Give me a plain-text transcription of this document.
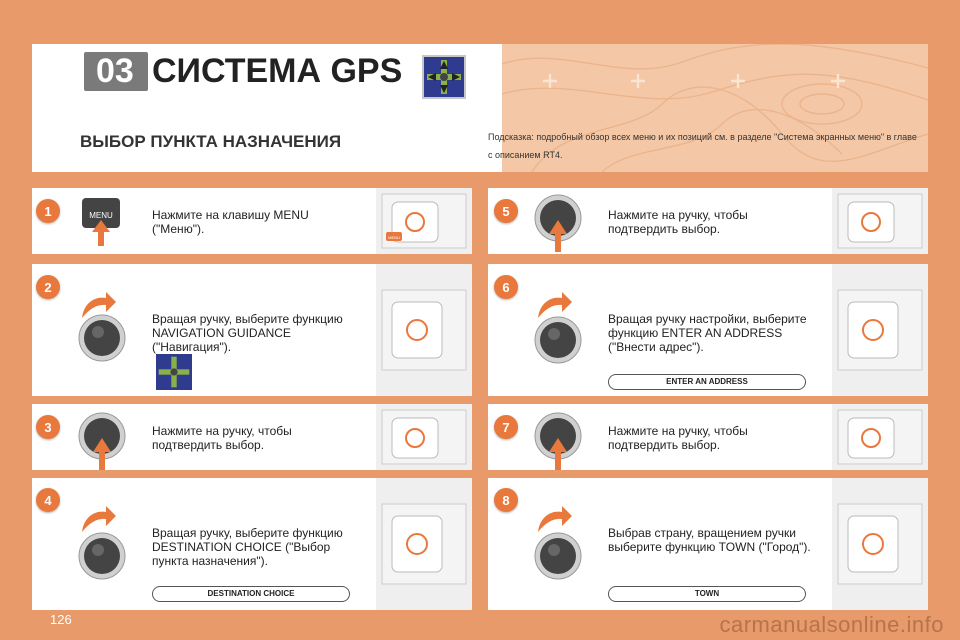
03 СИСТЕМА GPS
ВЫБОР ПУНКТА НАЗНАЧЕНИЯ	Подсказка: подробный обзор всех меню и их позиций см. в разделе "Система экранных меню" в главе с описанием RT4.
MENU	Нажмите на клавишу MENU ("Меню").
MENU
Вращая ручку, выберите функцию NAVIGATION GUIDANCE ("Навигация").
Нажмите на ручку, чтобы подтвердить выбор.
Вращая ручку, выберите функцию DESTINATION CHOICE ("Выбор пункта назначения").
DESTINATION CHOICE
Нажмите на ручку, чтобы подтвердить выбор.
Вращая ручку настройки, выберите функцию ENTER AN ADDRESS ("Внести адрес").
ENTER AN ADDRESS
Нажмите на ручку, чтобы подтвердить выбор.
Выбрав страну, вращением ручки выберите функцию TOWN ("Город").
TOWN
1
2
3
4
5
6
7
8
126	carmanualsonline.info
